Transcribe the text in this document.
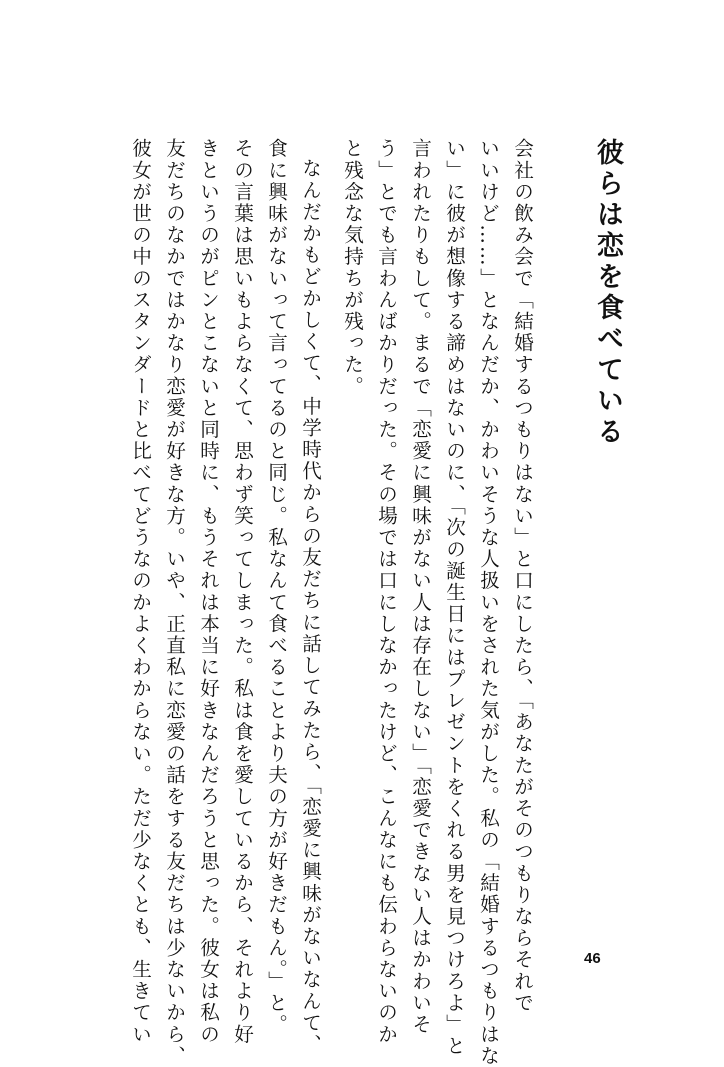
彼らは恋を食べている
会社の飲み会で「結婚するつもりはない」と口にしたら、「あなたがそのつもりならそれで
いいけど……」となんだか、かわいそうな人扱いをされた気がした。私の「結婚するつもりはな
い」に彼が想像する諦めはないのに、「次の誕生日にはプレゼントをくれる男を見つけろよ」と
言われたりもして。まるで「恋愛に興味がない人は存在しない」「恋愛できない人はかわいそ
う」とでも言わんばかりだった。その場では口にしなかったけど、こんなにも伝わらないのか
と残念な気持ちが残った。
なんだかもどかしくて、中学時代からの友だちに話してみたら、「恋愛に興味がないなんて、
食に興味がないって言ってるのと同じ。私なんて食べることより夫の方が好きだもん。」と。
その言葉は思いもよらなくて、思わず笑ってしまった。私は食を愛しているから、それより好
きというのがピンとこないと同時に、もうそれは本当に好きなんだろうと思った。彼女は私の
友だちのなかではかなり恋愛が好きな方。いや、正直私に恋愛の話をする友だちは少ないから、
彼女が世の中のスタンダードと比べてどうなのかよくわからない。ただ少なくとも、生きてい	46
